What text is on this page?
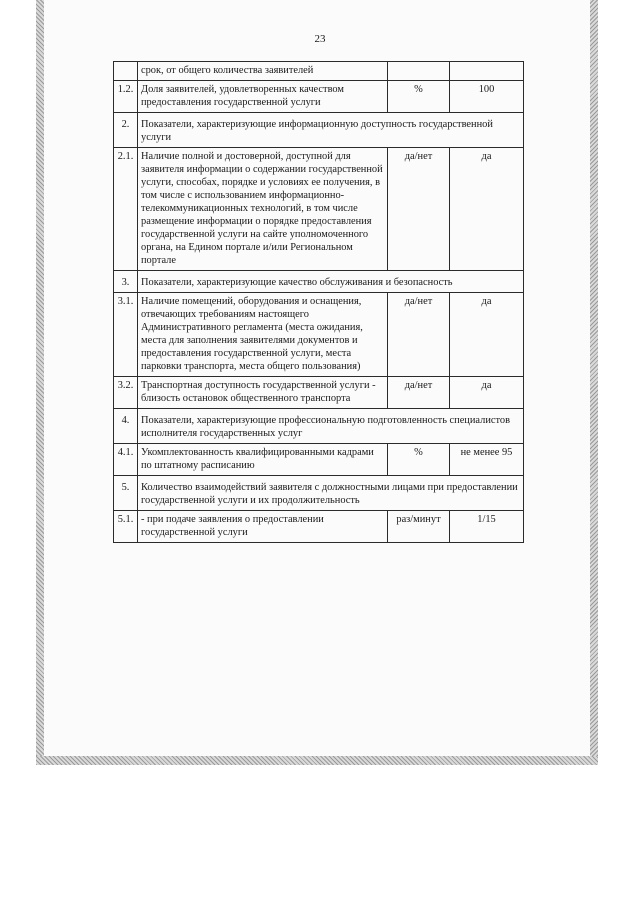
23
	срок, от общего количества заявителей		
1.2.	Доля заявителей, удовлетворенных качеством предоставления государственной услуги	%	100
2.	Показатели, характеризующие информационную доступность государственной услуги		
2.1.	Наличие полной и достоверной, доступной для заявителя информации о содержании государственной услуги, способах, порядке и условиях ее получения, в том числе с использованием информационно-телекоммуникационных технологий, в том числе размещение информации о порядке предоставления государственной услуги на сайте уполномоченного органа, на Едином портале и/или Региональном портале	да/нет	да
3.	Показатели, характеризующие качество обслуживания и безопасность		
3.1.	Наличие помещений, оборудования и оснащения, отвечающих требованиям настоящего Административного регламента (места ожидания, места для заполнения заявителями документов и предоставления государственной услуги, места парковки транспорта, места общего пользования)	да/нет	да
3.2.	Транспортная доступность государственной услуги - близость остановок общественного транспорта	да/нет	да
4.	Показатели, характеризующие профессиональную подготовленность специалистов исполнителя государственных услуг		
4.1.	Укомплектованность квалифицированными кадрами по штатному расписанию	%	не менее 95
5.	Количество взаимодействий заявителя с должностными лицами при предоставлении государственной услуги и их продолжительность		
5.1.	- при подаче заявления о предоставлении государственной услуги	раз/минут	1/15
